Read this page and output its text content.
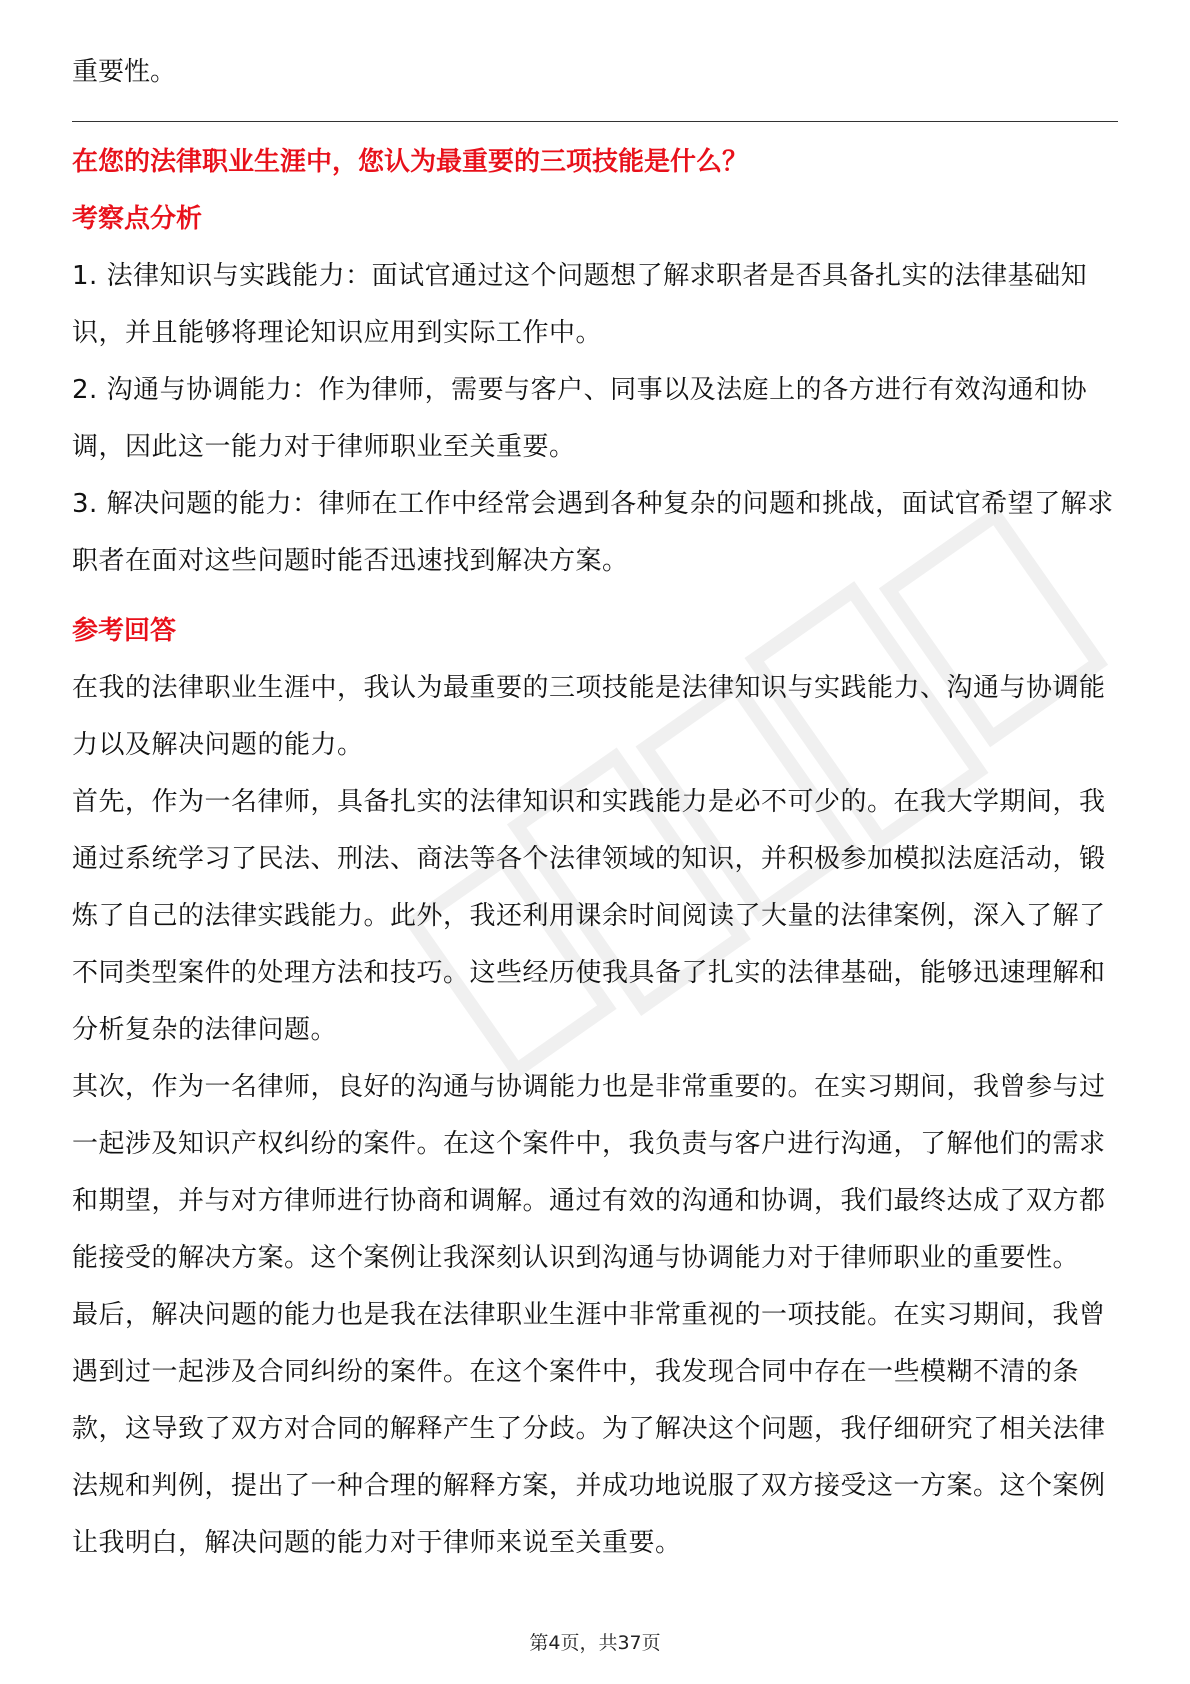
重要性。

在您的法律职业生涯中，您认为最重要的三项技能是什么？

考察点分析

1. 法律知识与实践能力：面试官通过这个问题想了解求职者是否具备扎实的法律基础知识，并且能够将理论知识应用到实际工作中。

2. 沟通与协调能力：作为律师，需要与客户、同事以及法庭上的各方进行有效沟通和协调，因此这一能力对于律师职业至关重要。

3. 解决问题的能力：律师在工作中经常会遇到各种复杂的问题和挑战，面试官希望了解求职者在面对这些问题时能否迅速找到解决方案。

参考回答

在我的法律职业生涯中，我认为最重要的三项技能是法律知识与实践能力、沟通与协调能力以及解决问题的能力。

首先，作为一名律师，具备扎实的法律知识和实践能力是必不可少的。在我大学期间，我通过系统学习了民法、刑法、商法等各个法律领域的知识，并积极参加模拟法庭活动，锻炼了自己的法律实践能力。此外，我还利用课余时间阅读了大量的法律案例，深入了解了不同类型案件的处理方法和技巧。这些经历使我具备了扎实的法律基础，能够迅速理解和分析复杂的法律问题。

其次，作为一名律师，良好的沟通与协调能力也是非常重要的。在实习期间，我曾参与过一起涉及知识产权纠纷的案件。在这个案件中，我负责与客户进行沟通，了解他们的需求和期望，并与对方律师进行协商和调解。通过有效的沟通和协调，我们最终达成了双方都能接受的解决方案。这个案例让我深刻认识到沟通与协调能力对于律师职业的重要性。

最后，解决问题的能力也是我在法律职业生涯中非常重视的一项技能。在实习期间，我曾遇到过一起涉及合同纠纷的案件。在这个案件中，我发现合同中存在一些模糊不清的条款，这导致了双方对合同的解释产生了分歧。为了解决这个问题，我仔细研究了相关法律法规和判例，提出了一种合理的解释方案，并成功地说服了双方接受这一方案。这个案例让我明白，解决问题的能力对于律师来说至关重要。

第4页，共37页
